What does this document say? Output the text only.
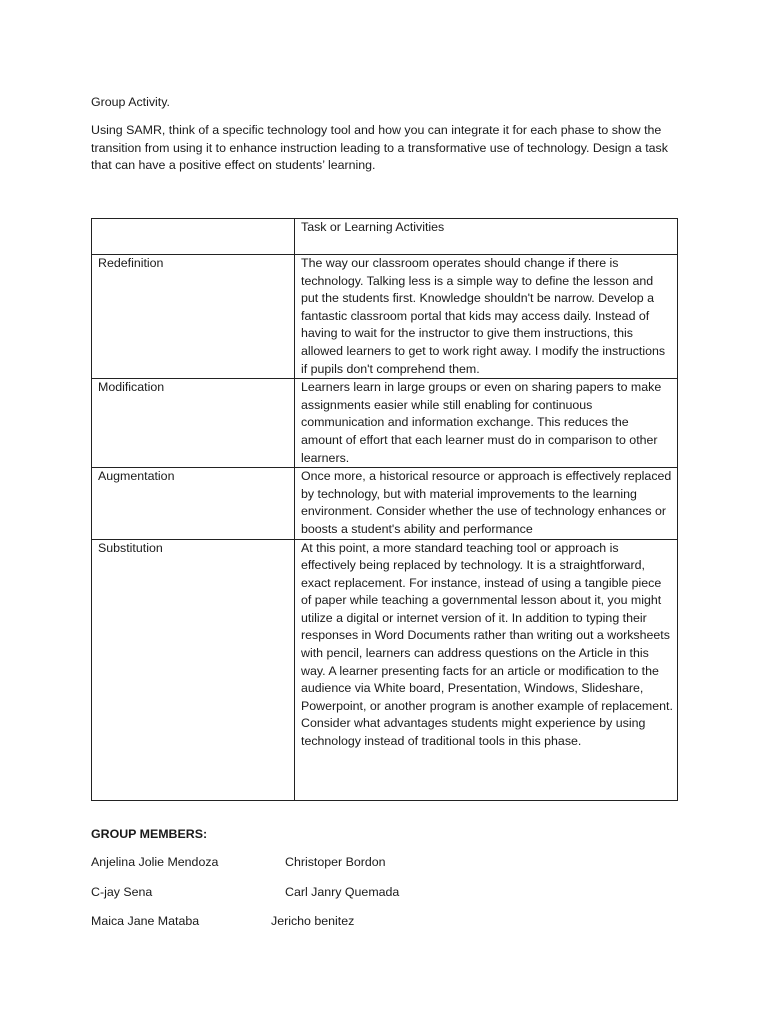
Group Activity.
Using SAMR, think of a specific technology tool and how you can integrate it for each phase to show the transition from using it to enhance instruction leading to a transformative use of technology. Design a task that can have a positive effect on students’ learning.
	Task or Learning Activities
Redefinition	The way our classroom operates should change if there is technology. Talking less is a simple way to define the lesson and put the students first. Knowledge shouldn't be narrow. Develop a fantastic classroom portal that kids may access daily. Instead of having to wait for the instructor to give them instructions, this allowed learners to get to work right away. I modify the instructions if pupils don't comprehend them.
Modification	Learners learn in large groups or even on sharing papers to make assignments easier while still enabling for continuous communication and information exchange. This reduces the amount of effort that each learner must do in comparison to other learners.
Augmentation	Once more, a historical resource or approach is effectively replaced by technology, but with material improvements to the learning environment. Consider whether the use of technology enhances or boosts a student's ability and performance
Substitution	At this point, a more standard teaching tool or approach is effectively being replaced by technology. It is a straightforward, exact replacement. For instance, instead of using a tangible piece of paper while teaching a governmental lesson about it, you might utilize a digital or internet version of it. In addition to typing their responses in Word Documents rather than writing out a worksheets with pencil, learners can address questions on the Article in this way. A learner presenting facts for an article or modification to the audience via White board, Presentation, Windows, Slideshare, Powerpoint, or another program is another example of replacement. Consider what advantages students might experience by using technology instead of traditional tools in this phase.
GROUP MEMBERS:
Anjelina Jolie Mendoza	Christoper Bordon
C-jay Sena	Carl Janry Quemada
Maica Jane Mataba	Jericho benitez
